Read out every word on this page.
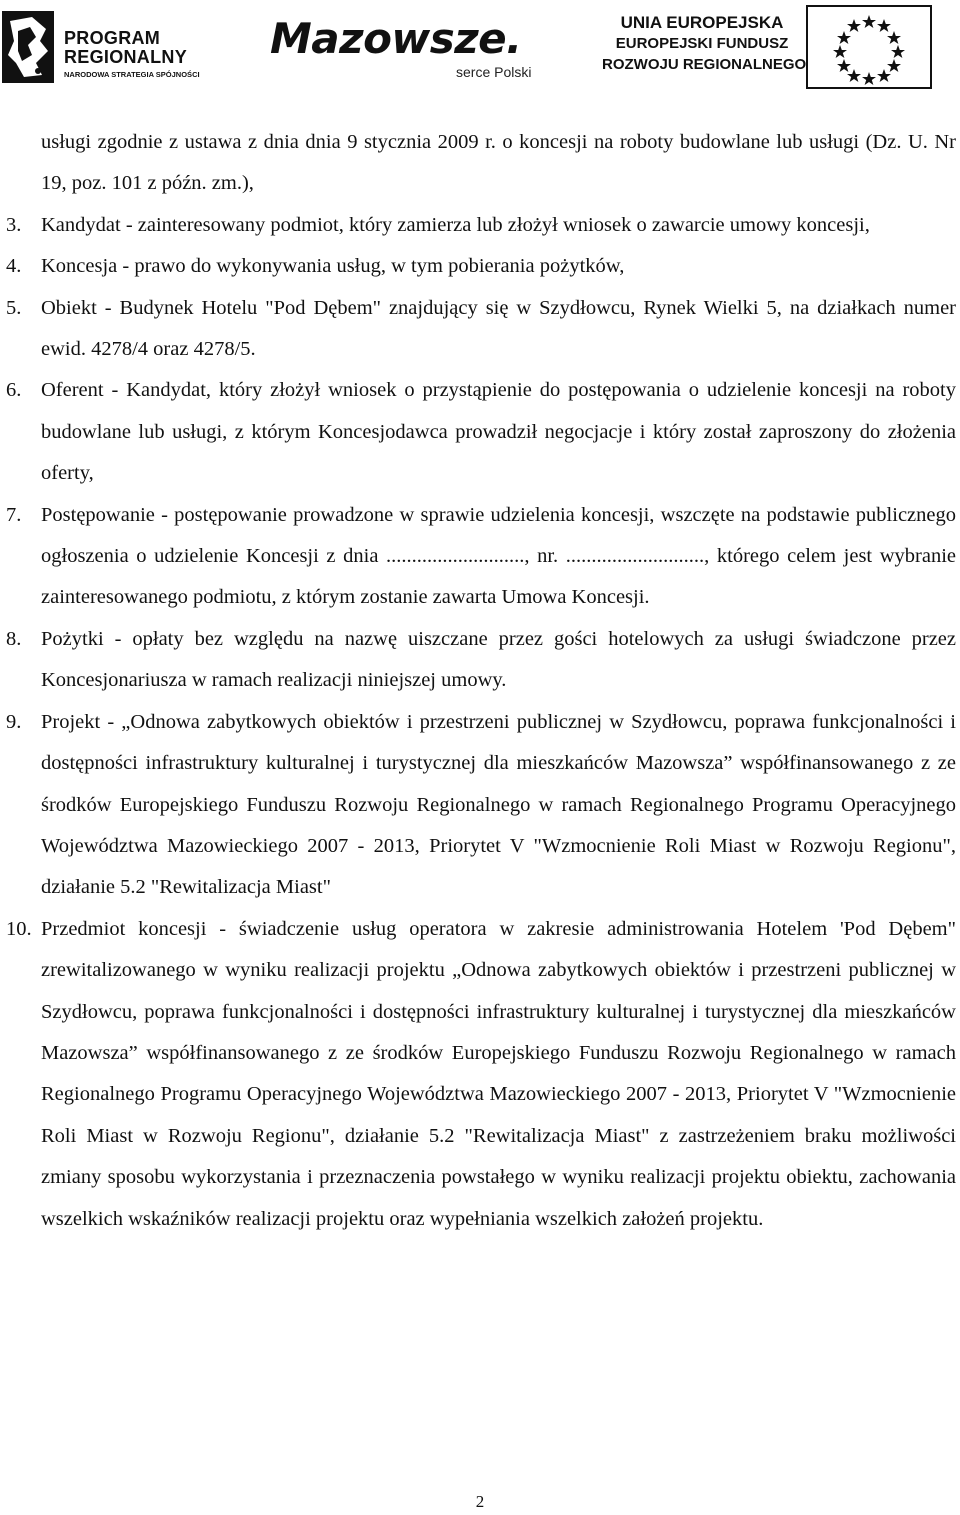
PROGRAM
REGIONALNY
NARODOWA STRATEGIA SPÓJNOŚCI
Mazowsze.
serce Polski
UNIA EUROPEJSKA
EUROPEJSKI FUNDUSZ
ROZWOJU REGIONALNEGO

usługi zgodnie z ustawa z dnia dnia 9 stycznia 2009 r. o koncesji na roboty budowlane lub usługi (Dz. U. Nr 19, poz. 101 z późn. zm.),

3. Kandydat - zainteresowany podmiot, który zamierza lub złożył wniosek o zawarcie umowy koncesji,

4. Koncesja - prawo do wykonywania usług, w tym pobierania pożytków,

5. Obiekt - Budynek Hotelu "Pod Dębem" znajdujący się w Szydłowcu, Rynek Wielki 5, na działkach numer ewid. 4278/4 oraz 4278/5.

6. Oferent - Kandydat, który złożył wniosek o przystąpienie do postępowania o udzielenie koncesji na roboty budowlane lub usługi, z którym Koncesjodawca prowadził negocjacje i który został zaproszony do złożenia oferty,

7. Postępowanie - postępowanie prowadzone w sprawie udzielenia koncesji, wszczęte na podstawie publicznego ogłoszenia o udzielenie Koncesji z dnia ..........................., nr. ..........................., którego celem jest wybranie zainteresowanego podmiotu, z którym zostanie zawarta Umowa Koncesji.

8. Pożytki - opłaty bez względu na nazwę uiszczane przez gości hotelowych za usługi świadczone przez Koncesjonariusza w ramach realizacji niniejszej umowy.

9. Projekt - „Odnowa zabytkowych obiektów i przestrzeni publicznej w Szydłowcu, poprawa funkcjonalności i dostępności infrastruktury kulturalnej i turystycznej dla mieszkańców Mazowsza” współfinansowanego z ze środków Europejskiego Funduszu Rozwoju Regionalnego w ramach Regionalnego Programu Operacyjnego Województwa Mazowieckiego 2007 - 2013, Priorytet V "Wzmocnienie Roli Miast w Rozwoju Regionu", działanie 5.2 "Rewitalizacja Miast"

10. Przedmiot koncesji - świadczenie usług operatora w zakresie administrowania Hotelem 'Pod Dębem" zrewitalizowanego w wyniku realizacji projektu „Odnowa zabytkowych obiektów i przestrzeni publicznej w Szydłowcu, poprawa funkcjonalności i dostępności infrastruktury kulturalnej i turystycznej dla mieszkańców Mazowsza” współfinansowanego z ze środków Europejskiego Funduszu Rozwoju Regionalnego w ramach Regionalnego Programu Operacyjnego Województwa Mazowieckiego 2007 - 2013, Priorytet V "Wzmocnienie Roli Miast w Rozwoju Regionu", działanie 5.2 "Rewitalizacja Miast" z zastrzeżeniem braku możliwości zmiany sposobu wykorzystania i przeznaczenia powstałego w wyniku realizacji projektu obiektu, zachowania wszelkich wskaźników realizacji projektu oraz wypełniania wszelkich założeń projektu.

2
